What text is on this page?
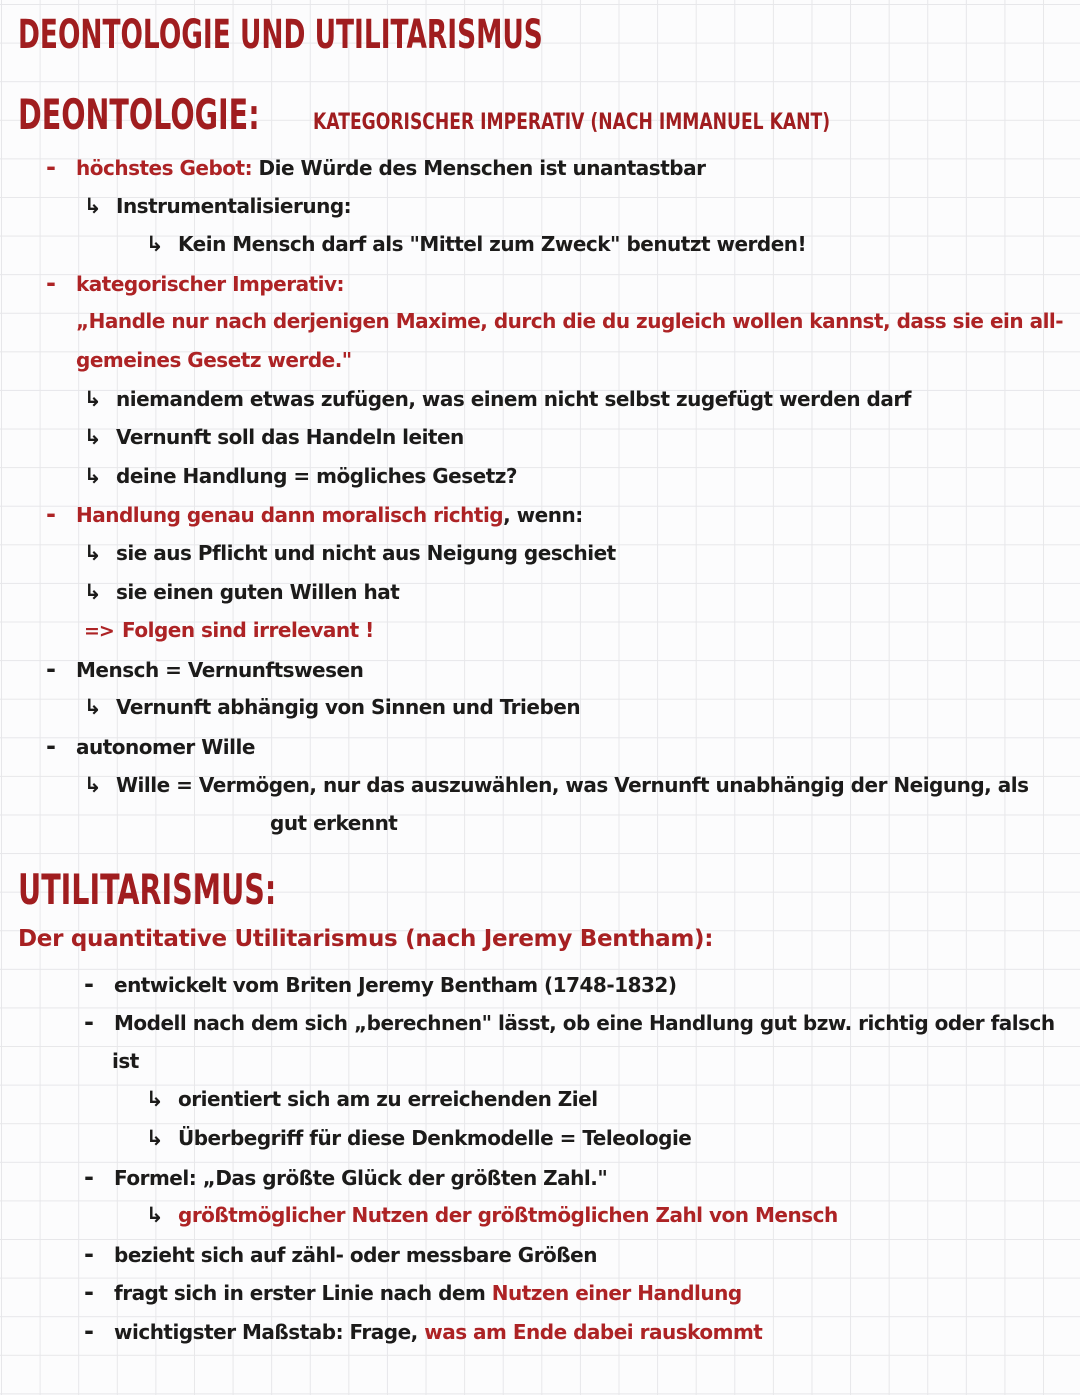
DEONTOLOGIE UND UTILITARISMUS
DEONTOLOGIE: KATEGORISCHER IMPERATIV (NACH IMMANUEL KANT)
- höchstes Gebot: Die Würde des Menschen ist unantastbar
↳ Instrumentalisierung:
↳ Kein Mensch darf als "Mittel zum Zweck" benutzt werden!
- kategorischer Imperativ:
„Handle nur nach derjenigen Maxime, durch die du zugleich wollen kannst, dass sie ein all-
gemeines Gesetz werde."
↳ niemandem etwas zufügen, was einem nicht selbst zugefügt werden darf
↳ Vernunft soll das Handeln leiten
↳ deine Handlung = mögliches Gesetz?
- Handlung genau dann moralisch richtig, wenn:
↳ sie aus Pflicht und nicht aus Neigung geschiet
↳ sie einen guten Willen hat
=> Folgen sind irrelevant !
- Mensch = Vernunftswesen
↳ Vernunft abhängig von Sinnen und Trieben
- autonomer Wille
↳ Wille = Vermögen, nur das auszuwählen, was Vernunft unabhängig der Neigung, als
gut erkennt
UTILITARISMUS:
Der quantitative Utilitarismus (nach Jeremy Bentham):
- entwickelt vom Briten Jeremy Bentham (1748-1832)
- Modell nach dem sich „berechnen" lässt, ob eine Handlung gut bzw. richtig oder falsch
ist
↳ orientiert sich am zu erreichenden Ziel
↳ Überbegriff für diese Denkmodelle = Teleologie
- Formel: „Das größte Glück der größten Zahl."
↳ größtmöglicher Nutzen der größtmöglichen Zahl von Mensch
- bezieht sich auf zähl- oder messbare Größen
- fragt sich in erster Linie nach dem Nutzen einer Handlung
- wichtigster Maßstab: Frage, was am Ende dabei rauskommt
